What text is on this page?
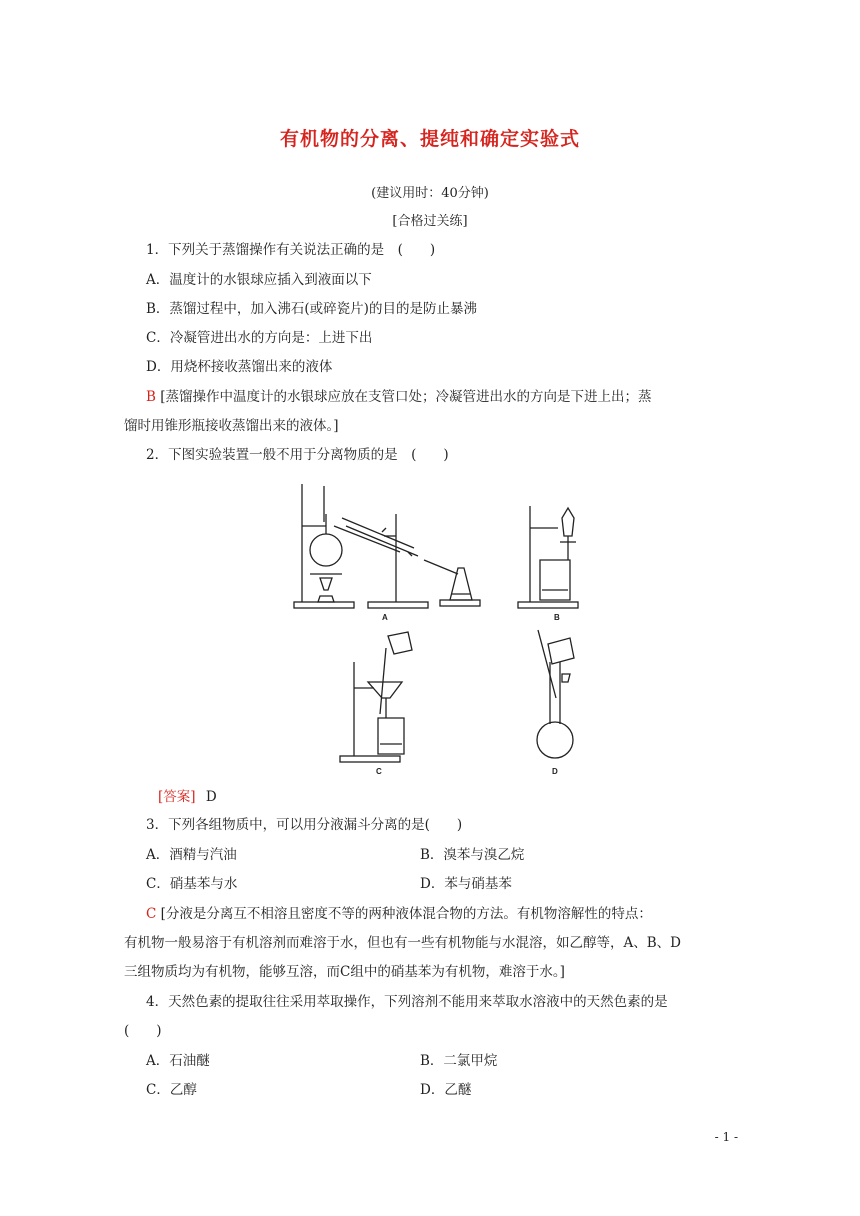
有机物的分离、提纯和确定实验式
(建议用时：40分钟)
[合格过关练]
1．下列关于蒸馏操作有关说法正确的是　(　　)
A．温度计的水银球应插入到液面以下
B．蒸馏过程中，加入沸石(或碎瓷片)的目的是防止暴沸
C．冷凝管进出水的方向是：上进下出
D．用烧杯接收蒸馏出来的液体
B [蒸馏操作中温度计的水银球应放在支管口处；冷凝管进出水的方向是下进上出；蒸
馏时用锥形瓶接收蒸馏出来的液体。]
2．下图实验装置一般不用于分离物质的是　(　　)
A	B
C	D
[答案] D
3．下列各组物质中，可以用分液漏斗分离的是(　　)
A．酒精与汽油	B．溴苯与溴乙烷
C．硝基苯与水	D．苯与硝基苯
C [分液是分离互不相溶且密度不等的两种液体混合物的方法。有机物溶解性的特点：
有机物一般易溶于有机溶剂而难溶于水，但也有一些有机物能与水混溶，如乙醇等，A、B、D
三组物质均为有机物，能够互溶，而C组中的硝基苯为有机物，难溶于水。]
4．天然色素的提取往往采用萃取操作，下列溶剂不能用来萃取水溶液中的天然色素的是
(　　)
A．石油醚	B．二氯甲烷
C．乙醇	D．乙醚
- 1 -
